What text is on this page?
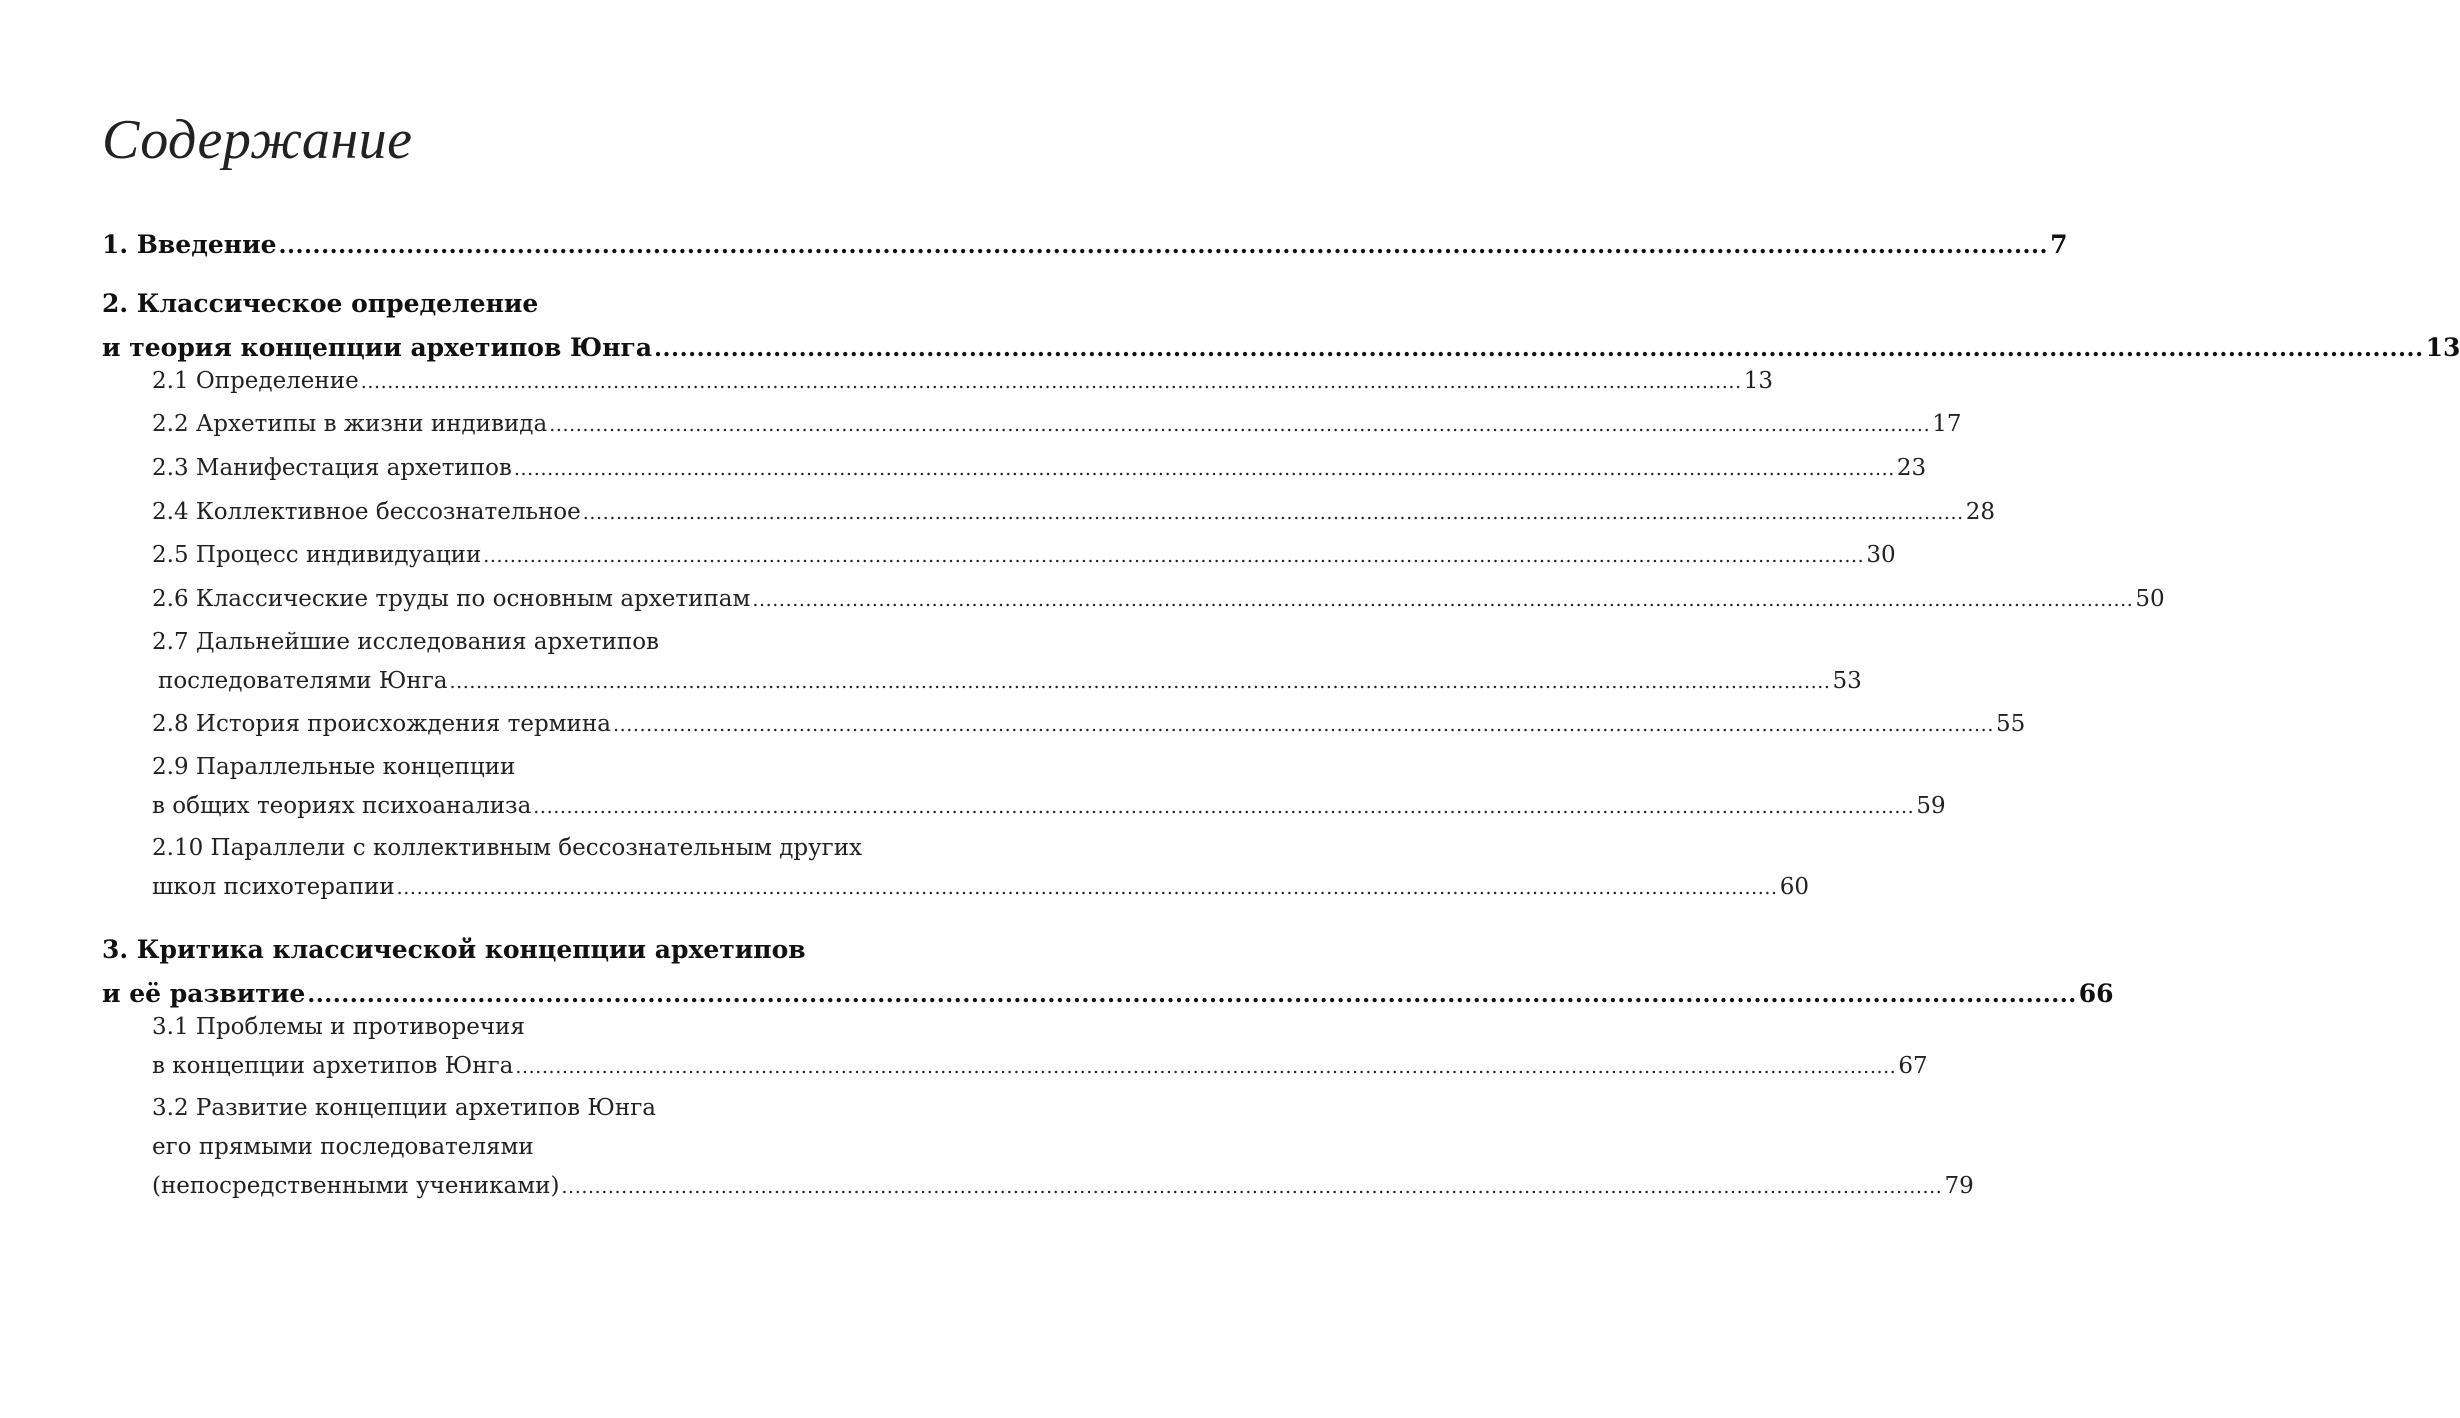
Содержание
1. Введение ................................................................................................................................................................................................................ 7
2. Классическое определение
и теория концепции архетипов Юнга ................................................................................................................................................................................................................ 13
2.1 Определение ................................................................................................................................................................................................................ 13
2.2 Архетипы в жизни индивида ................................................................................................................................................................................................................ 17
2.3 Манифестация архетипов ................................................................................................................................................................................................................ 23
2.4 Коллективное бессознательное ................................................................................................................................................................................................................ 28
2.5 Процесс индивидуации ................................................................................................................................................................................................................ 30
2.6 Классические труды по основным архетипам ................................................................................................................................................................................................................ 50
2.7 Дальнейшие исследования архетипов
последователями Юнга ................................................................................................................................................................................................................ 53
2.8 История происхождения термина ................................................................................................................................................................................................................ 55
2.9 Параллельные концепции
в общих теориях психоанализа ................................................................................................................................................................................................................ 59
2.10 Параллели с коллективным бессознательным других
школ психотерапии ................................................................................................................................................................................................................ 60
3. Критика классической концепции архетипов
и её развитие ................................................................................................................................................................................................................ 66
3.1 Проблемы и противоречия
в концепции архетипов Юнга ................................................................................................................................................................................................................ 67
3.2 Развитие концепции архетипов Юнга
его прямыми последователями
(непосредственными учениками) ................................................................................................................................................................................................................ 79
